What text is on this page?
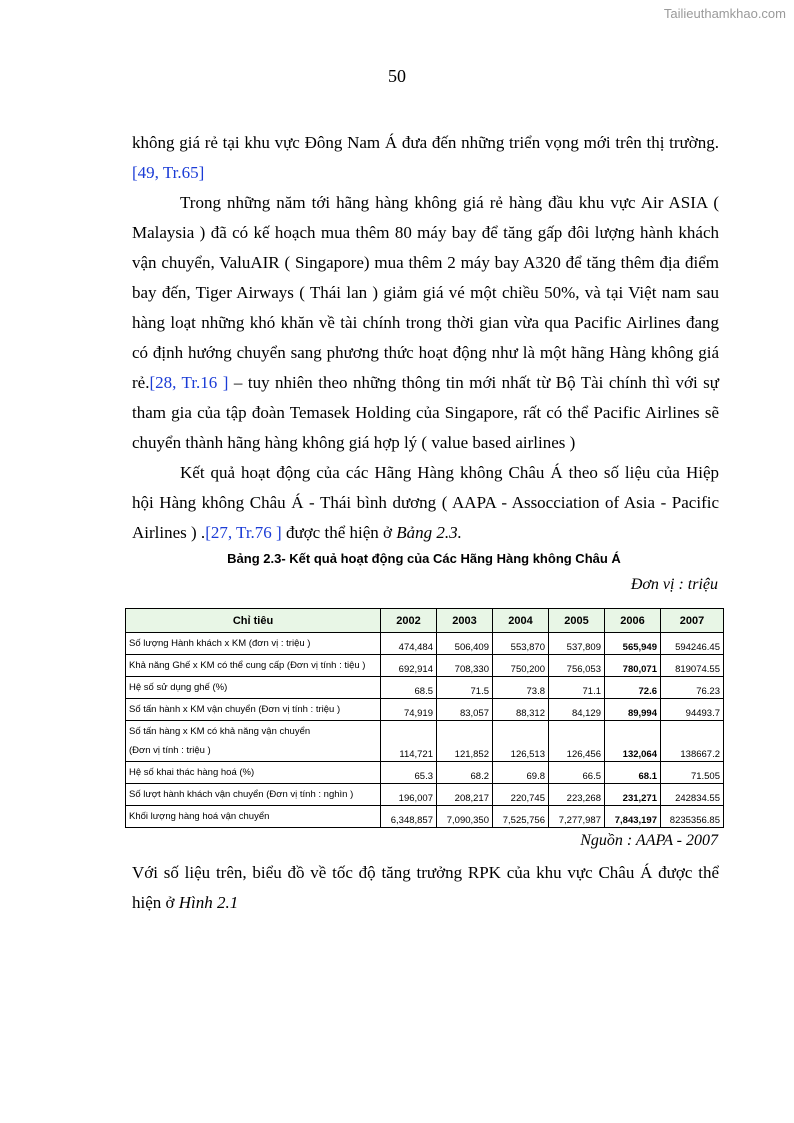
Tailieuthamkhao.com
50
không giá rẻ tại khu vực Đông Nam Á đưa đến những triển vọng mới trên thị trường. [49, Tr.65]
Trong những năm tới hãng hàng không giá rẻ hàng đầu khu vực Air ASIA ( Malaysia ) đã có kế hoạch mua thêm 80 máy bay để tăng gấp đôi lượng hành khách vận chuyển, ValuAIR ( Singapore) mua thêm 2 máy bay A320 để tăng thêm địa điểm bay đến, Tiger Airways ( Thái lan ) giảm giá vé một chiều 50%, và tại Việt nam sau hàng loạt những khó khăn về tài chính trong thời gian vừa qua Pacific Airlines đang có định hướng chuyển sang phương thức hoạt động như là một hãng Hàng không giá rẻ.[28, Tr.16 ] – tuy nhiên theo những thông tin mới nhất từ Bộ Tài chính thì với sự tham gia của tập đoàn Temasek Holding của Singapore, rất có thể Pacific Airlines sẽ chuyển thành hãng hàng không giá hợp lý ( value based airlines )
Kết quả hoạt động của các Hãng Hàng không Châu Á theo số liệu của Hiệp hội Hàng không Châu Á - Thái bình dương ( AAPA - Assocciation of Asia - Pacific Airlines ) .[27, Tr.76 ] được thể hiện ở Bảng 2.3.
Bảng 2.3- Kết quả hoạt động của Các Hãng Hàng không Châu Á
Đơn vị : triệu
Chỉ tiêu	2002	2003	2004	2005	2006	2007
Số lượng Hành khách x KM (đơn vị : triệu )	474,484	506,409	553,870	537,809	565,949	594246.45
Khả năng Ghế x KM có thể cung cấp (Đơn vị tính : tiệu )	692,914	708,330	750,200	756,053	780,071	819074.55
Hệ số sử dụng ghế (%)	68.5	71.5	73.8	71.1	72.6	76.23
Số tấn hành x KM vận chuyển (Đơn vị tính : triệu )	74,919	83,057	88,312	84,129	89,994	94493.7

Số tấn hàng x KM có khả năng vận chuyển
(Đơn vị tính : triệu )	114,721	121,852	126,513	126,456	132,064	138667.2
Hệ số khai thác hàng hoá (%)	65.3	68.2	69.8	66.5	68.1	71.505
Số lượt hành khách vận chuyển (Đơn vị tính : nghìn )	196,007	208,217	220,745	223,268	231,271	242834.55
Khối lượng hàng hoá vận chuyển	6,348,857	7,090,350	7,525,756	7,277,987	7,843,197	8235356.85
Nguồn : AAPA - 2007
Với số liệu trên, biểu đồ về tốc độ tăng trưởng RPK của khu vực Châu Á được thể hiện ở Hình 2.1
